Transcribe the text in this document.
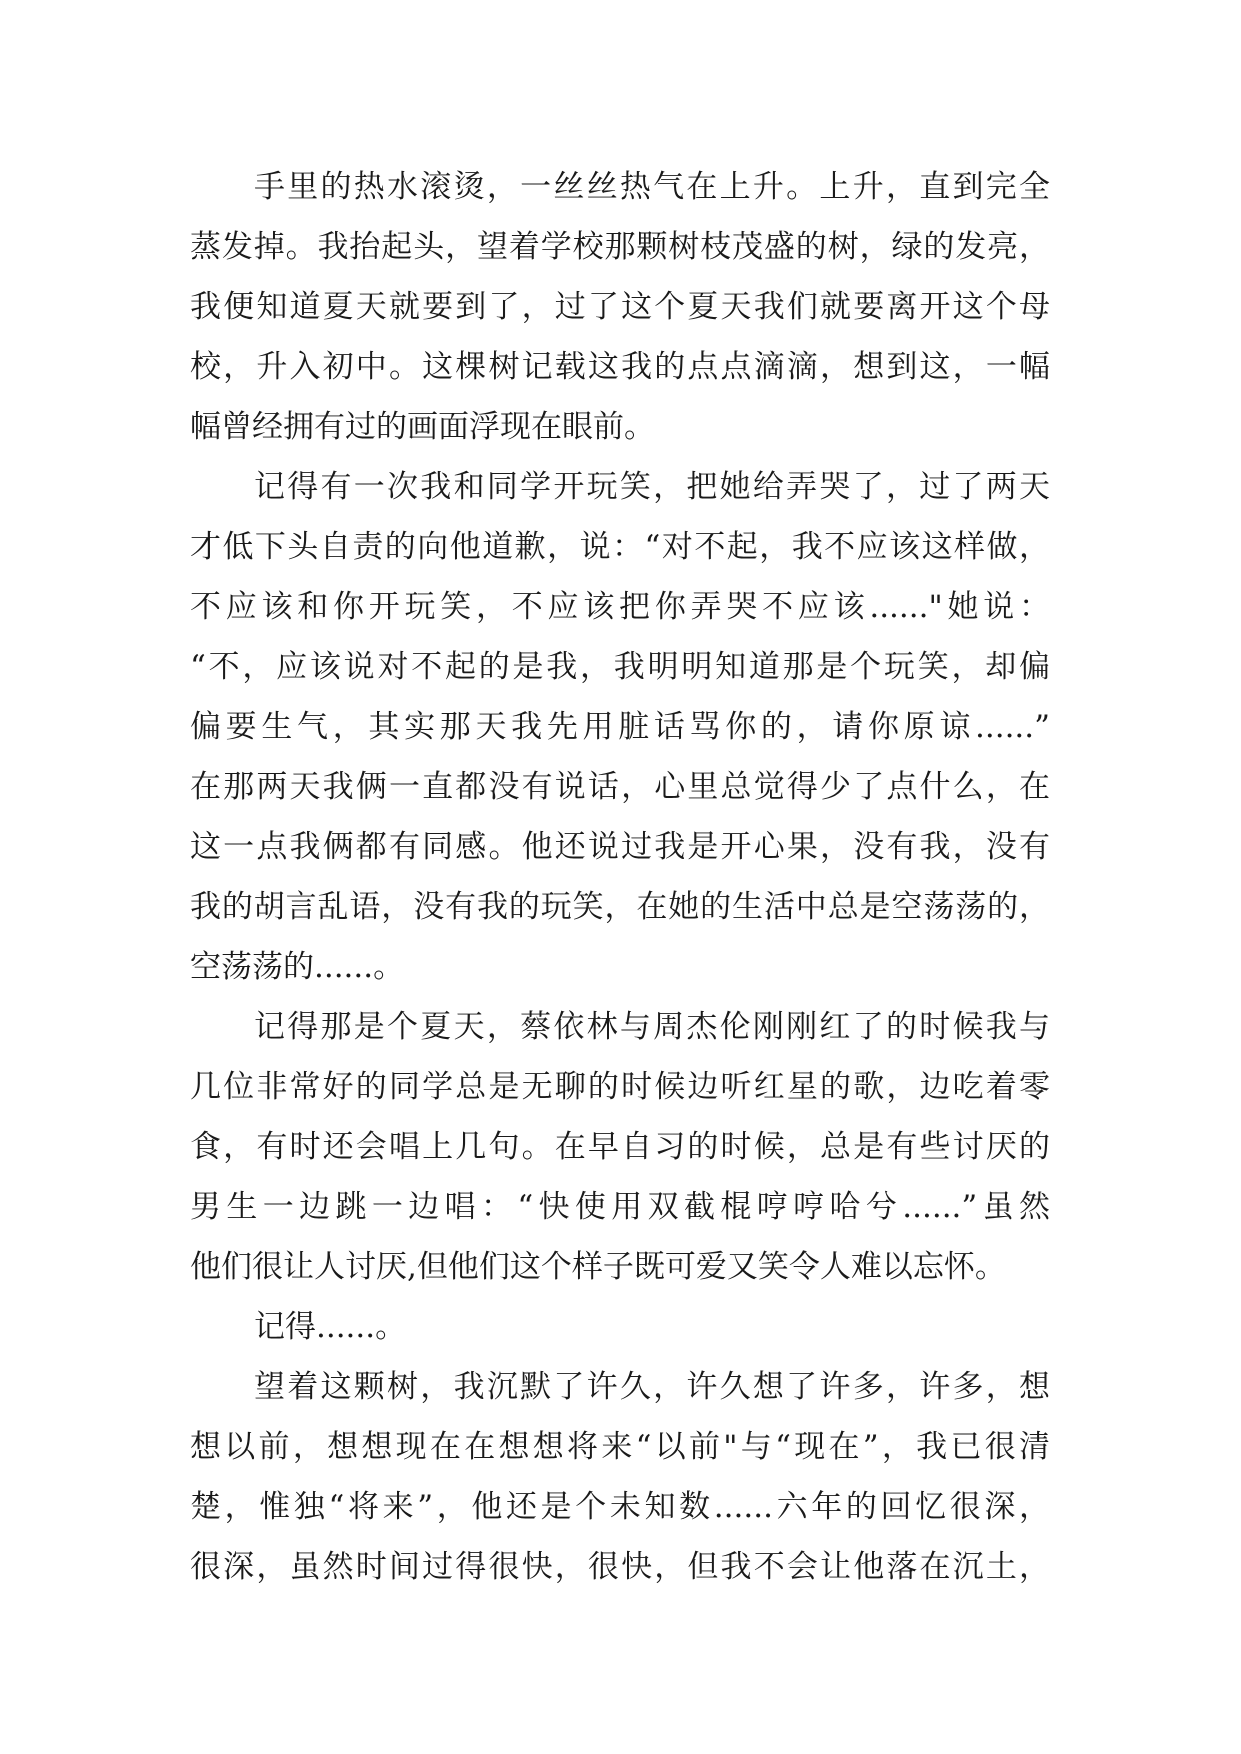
手里的热水滚烫，一丝丝热气在上升。上升，直到完全
蒸发掉。我抬起头，望着学校那颗树枝茂盛的树，绿的发亮，
我便知道夏天就要到了，过了这个夏天我们就要离开这个母
校，升入初中。这棵树记载这我的点点滴滴，想到这，一幅
幅曾经拥有过的画面浮现在眼前。
记得有一次我和同学开玩笑，把她给弄哭了，过了两天
才低下头自责的向他道歉，说：“对不起，我不应该这样做，
不应该和你开玩笑，不应该把你弄哭不应该......"她说：
“不，应该说对不起的是我，我明明知道那是个玩笑，却偏
偏要生气，其实那天我先用脏话骂你的，请你原谅......”
在那两天我俩一直都没有说话，心里总觉得少了点什么，在
这一点我俩都有同感。他还说过我是开心果，没有我，没有
我的胡言乱语，没有我的玩笑，在她的生活中总是空荡荡的，
空荡荡的......。
记得那是个夏天，蔡依林与周杰伦刚刚红了的时候我与
几位非常好的同学总是无聊的时候边听红星的歌，边吃着零
食，有时还会唱上几句。在早自习的时候，总是有些讨厌的
男生一边跳一边唱：“快使用双截棍哼哼哈兮......”虽然
他们很让人讨厌,但他们这个样子既可爱又笑令人难以忘怀。
记得......。
望着这颗树，我沉默了许久，许久想了许多，许多，想
想以前，想想现在在想想将来“以前"与“现在”，我已很清
楚，惟独“将来”，他还是个未知数......六年的回忆很深，
很深，虽然时间过得很快，很快，但我不会让他落在沉土，
